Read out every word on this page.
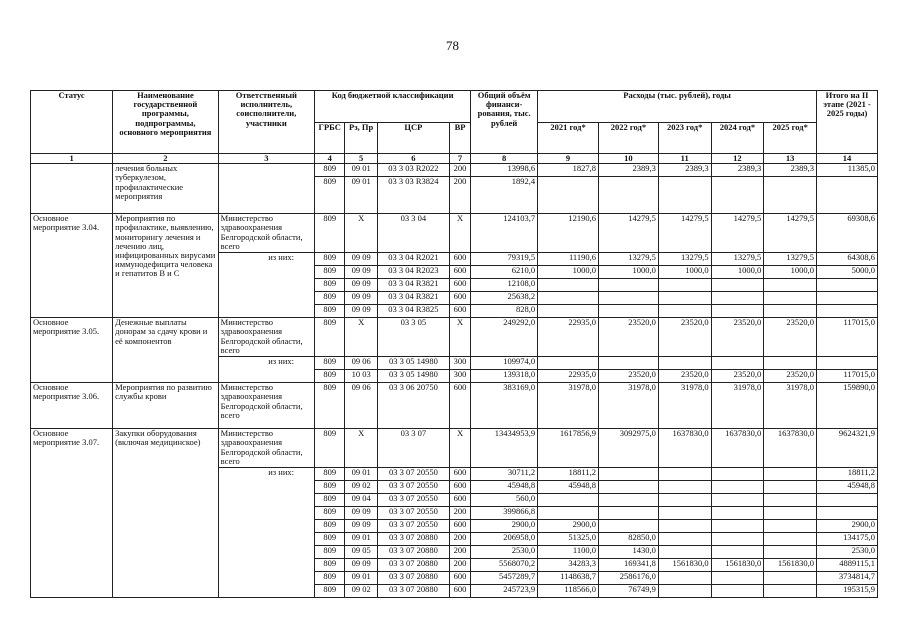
78
Статус	Наименование государственной программы, подпрограммы, основного мероприятия	Ответственный исполнитель, соисполнители, участники	Код бюджетной классификации				Общий объём финанси-рования, тыс. рублей	Расходы (тыс. рублей), годы					Итого на II этапе (2021 - 2025 годы)
			ГРБС	Рз, Пр	ЦСР	ВР		2021 год*	2022 год*	2023 год*	2024 год*	2025 год*	
1	2	3	4	5	6	7	8	9	10	11	12	13	14
	лечения больных туберкулезом, профилактические мероприятия		809	09 01	03 3 03 R2022	200	13998,6	1827,8	2389,3	2389,3	2389,3	2389,3	11385,0
			809	09 01	03 3 03 R3824	200	1892,4						
Основное мероприятие 3.04.	Мероприятия по профилактике, выявлению, мониторингу лечения и лечению лиц, инфицированных вирусами иммунодефицита человека и гепатитов B и C	Министерство здравоохранения Белгородской области, всего	809	Х	03 3 04	Х	124103,7	12190,6	14279,5	14279,5	14279,5	14279,5	69308,6
		из них:	809	09 09	03 3 04 R2021	600	79319,5	11190,6	13279,5	13279,5	13279,5	13279,5	64308,6
			809	09 09	03 3 04 R2023	600	6210,0	1000,0	1000,0	1000,0	1000,0	1000,0	5000,0
			809	09 09	03 3 04 R3821	600	12108,0						
			809	09 09	03 3 04 R3821	600	25638,2						
			809	09 09	03 3 04 R3825	600	828,0						
Основное мероприятие 3.05.	Денежные выплаты донорам за сдачу крови и её компонентов	Министерство здравоохранения Белгородской области, всего	809	Х	03 3 05	Х	249292,0	22935,0	23520,0	23520,0	23520,0	23520,0	117015,0
		из них:	809	09 06	03 3 05 14980	300	109974,0						
			809	10 03	03 3 05 14980	300	139318,0	22935,0	23520,0	23520,0	23520,0	23520,0	117015,0
Основное мероприятие 3.06.	Мероприятия по развитию службы крови	Министерство здравоохранения Белгородской области, всего	809	09 06	03 3 06 20750	600	383169,0	31978,0	31978,0	31978,0	31978,0	31978,0	159890,0
Основное мероприятие 3.07.	Закупки оборудования (включая медицинское)	Министерство здравоохранения Белгородской области, всего	809	Х	03 3 07	Х	13434953,9	1617856,9	3092975,0	1637830,0	1637830,0	1637830,0	9624321,9
		из них:	809	09 01	03 3 07 20550	600	30711,2	18811,2					18811,2
			809	09 02	03 3 07 20550	600	45948,8	45948,8					45948,8
			809	09 04	03 3 07 20550	600	560,0						
			809	09 09	03 3 07 20550	200	399866,8						
			809	09 09	03 3 07 20550	600	2900,0	2900,0					2900,0
			809	09 01	03 3 07 20880	200	206958,0	51325,0	82850,0				134175,0
			809	09 05	03 3 07 20880	200	2530,0	1100,0	1430,0				2530,0
			809	09 09	03 3 07 20880	200	5568070,2	34283,3	169341,8	1561830,0	1561830,0	1561830,0	4889115,1
			809	09 01	03 3 07 20880	600	5457289,7	1148638,7	2586176,0				3734814,7
			809	09 02	03 3 07 20880	600	245723,9	118566,0	76749,9				195315,9
